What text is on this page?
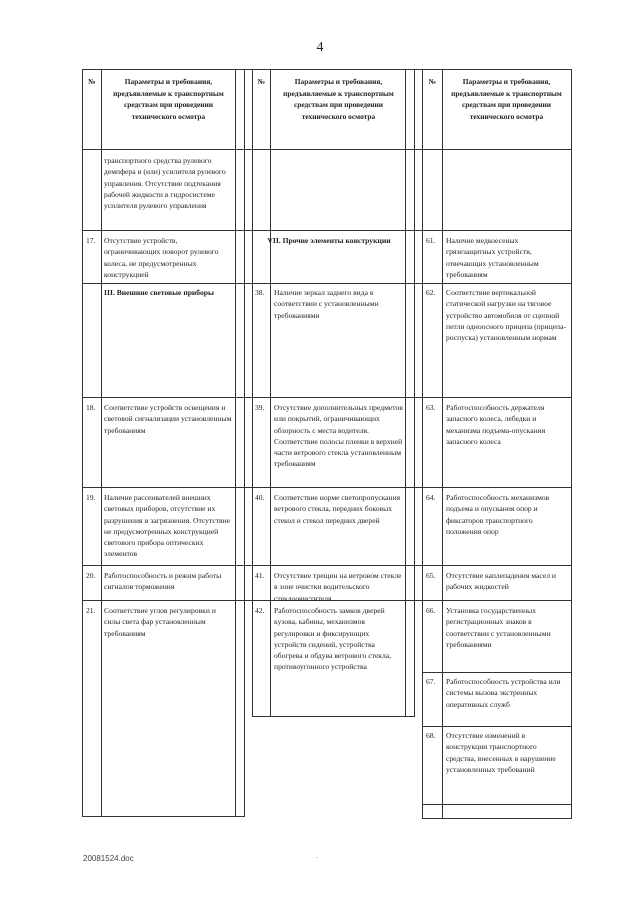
4
№	Параметры и требования, предъявляемые к транспортным средствам при проведении технического осмотра
№	Параметры и требования, предъявляемые к транспортным средствам при проведении технического осмотра
№	Параметры и требования, предъявляемые к транспортным средствам при проведении технического осмотра
транспортного средства рулевого демпфера и (или) усилителя рулевого управления. Отсутствие подтекания рабочей жидкости в гидросистеме усилителя рулевого управления
17. Отсутствие устройств, ограничивающих поворот рулевого колеса, не предусмотренных конструкцией
III. Внешние световые приборы
18. Соответствие устройств освещения и световой сигнализации установленным требованиям
19. Наличие рассеивателей внешних световых приборов, отсутствие их разрушения и загрязнения. Отсутствие не предусмотренных конструкцией светового прибора оптических элементов
20. Работоспособность и режим работы сигналов торможения
21. Соответствие углов регулировки и силы света фар установленным требованиям
VII. Прочие элементы конструкции
38. Наличие зеркал заднего вида в соответствии с установленными требованиями
39. Отсутствие дополнительных предметов или покрытий, ограничивающих обзорность с места водителя. Соответствие полосы пленки в верхней части ветрового стекла установленным требованиям
40. Соответствие норме светопропускания ветрового стекла, передних боковых стекол и стекол передних дверей
41. Отсутствие трещин на ветровом стекле в зоне очистки водительского стеклоочистителя
42. Работоспособность замков дверей кузова, кабины, механизмов регулировки и фиксирующих устройств сидений, устройства обогрева и обдува ветрового стекла, противоугонного устройства
61. Наличие медкоесеных грязезащитных устройств, отвечающих установленным требованиям
62. Соответствие вертикальной статической нагрузки на тяговое устройство автомобиля от сцепной петли одноосного прицепа (прицепа-роспуска) установленным нормам
63. Работоспособность держателя запасного колеса, лебедки и механизма подъема-опускания запасного колеса
64. Работоспособность механизмов подъема и опускания опор и фиксаторов транспортного положения опор
65. Отсутствие каплепадения масел и рабочих жидкостей
66. Установка государственных регистрационных знаков в соответствии с установленными требованиями
67. Работоспособность устройства или системы вызова экстренных оперативных служб
68. Отсутствие изменений в конструкции транспортного средства, внесенных в нарушение установленных требований
.
20081524.doc
